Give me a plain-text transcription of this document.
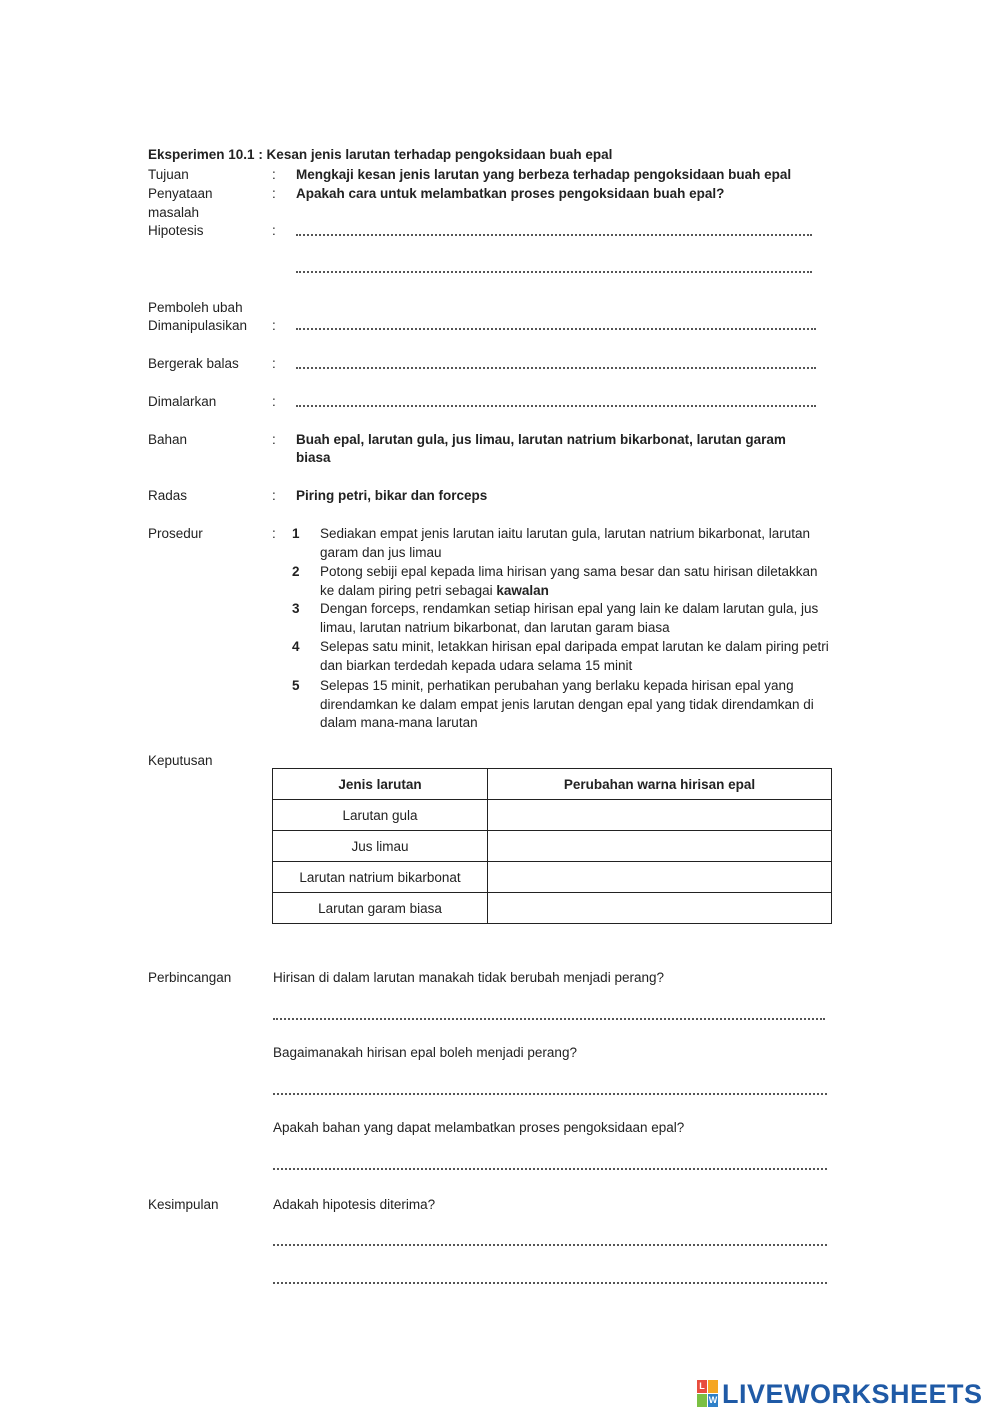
Eksperimen 10.1 : Kesan jenis larutan terhadap pengoksidaan buah epal
Tujuan	: Mengkaji kesan jenis larutan yang berbeza terhadap pengoksidaan buah epal
Penyataan
masalah
: Apakah cara untuk melambatkan proses pengoksidaan buah epal?
Hipotesis	:
Pemboleh ubah
Dimanipulasikan :
Bergerak balas :
Dimalarkan	:
Bahan	: Buah epal, larutan gula, jus limau, larutan natrium bikarbonat, larutan garam
biasa
Radas	: Piring petri, bikar dan forceps
Prosedur	: 1 Sediakan empat jenis larutan iaitu larutan gula, larutan natrium bikarbonat, larutan garam dan jus limau
2 Potong sebiji epal kepada lima hirisan yang sama besar dan satu hirisan diletakkan ke dalam piring petri sebagai kawalan
3 Dengan forceps, rendamkan setiap hirisan epal yang lain ke dalam larutan gula, jus limau, larutan natrium bikarbonat, dan larutan garam biasa
4 Selepas satu minit, letakkan hirisan epal daripada empat larutan ke dalam piring petri dan biarkan terdedah kepada udara selama 15 minit
5 Selepas 15 minit, perhatikan perubahan yang berlaku kepada hirisan epal yang direndamkan ke dalam empat jenis larutan dengan epal yang tidak direndamkan di dalam mana-mana larutan
Keputusan
Jenis larutan	Perubahan warna hirisan epal
Larutan gula	
Jus limau	
Larutan natrium bikarbonat	
Larutan garam biasa	
Perbincangan	Hirisan di dalam larutan manakah tidak berubah menjadi perang?
Bagaimanakah hirisan epal boleh menjadi perang?
Apakah bahan yang dapat melambatkan proses pengoksidaan epal?
Kesimpulan	Adakah hipotesis diterima?
L
W LIVEWORKSHEETS
